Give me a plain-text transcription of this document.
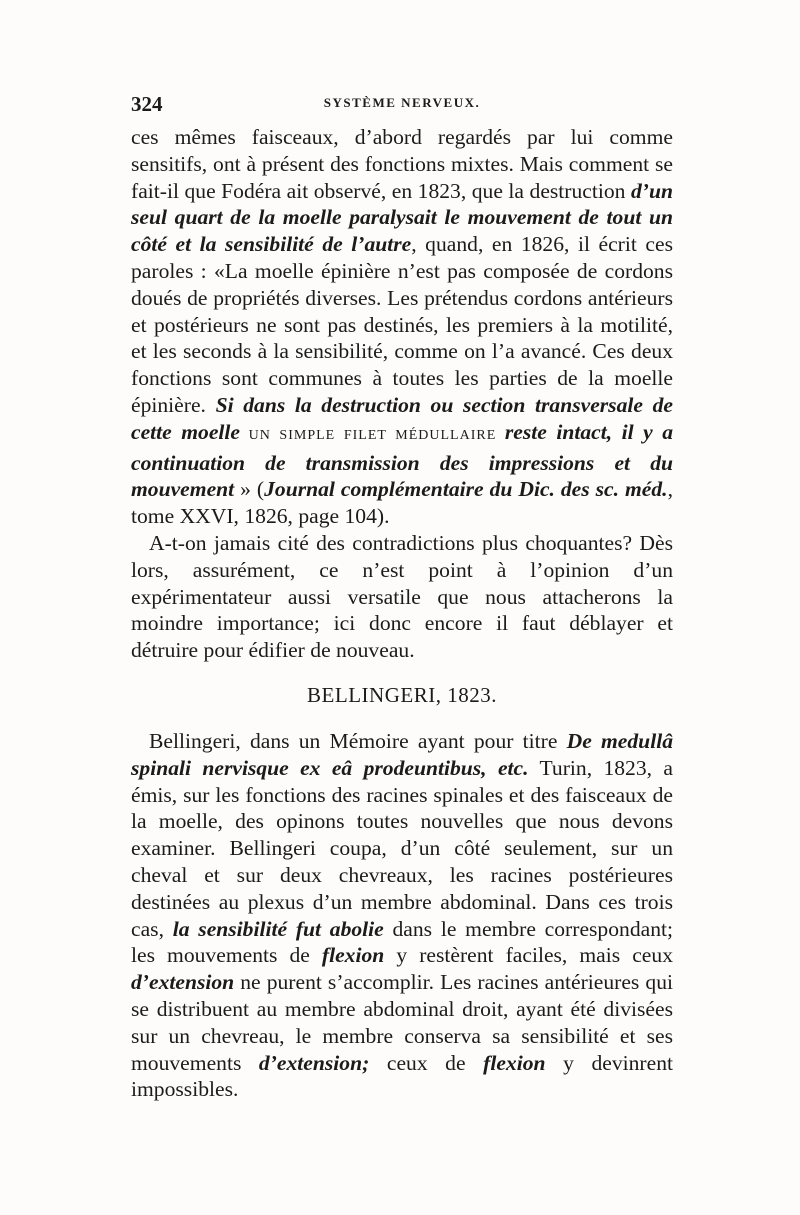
324	SYSTÈME NERVEUX.

ces mêmes faisceaux, d’abord regardés par lui comme sensitifs, ont à présent des fonctions mixtes. Mais comment se fait-il que Fodéra ait observé, en 1823, que la destruction d’un seul quart de la moelle paralysait le mouvement de tout un côté et la sensibilité de l’autre, quand, en 1826, il écrit ces paroles : «La moelle épinière n’est pas composée de cordons doués de propriétés diverses. Les prétendus cordons antérieurs et postérieurs ne sont pas destinés, les premiers à la motilité, et les seconds à la sensibilité, comme on l’a avancé. Ces deux fonctions sont communes à toutes les parties de la moelle épinière. Si dans la destruction ou section transversale de cette moelle UN SIMPLE FILET MÉDULLAIRE reste intact, il y a continuation de transmission des impressions et du mouvement » (Journal complémentaire du Dic. des sc. méd., tome XXVI, 1826, page 104).

A-t-on jamais cité des contradictions plus choquantes? Dès lors, assurément, ce n’est point à l’opinion d’un expérimentateur aussi versatile que nous attacherons la moindre importance; ici donc encore il faut déblayer et détruire pour édifier de nouveau.

BELLINGERI, 1823.

Bellingeri, dans un Mémoire ayant pour titre De medullâ spinali nervisque ex eâ prodeuntibus, etc. Turin, 1823, a émis, sur les fonctions des racines spinales et des faisceaux de la moelle, des opinons toutes nouvelles que nous devons examiner. Bellingeri coupa, d’un côté seulement, sur un cheval et sur deux chevreaux, les racines postérieures destinées au plexus d’un membre abdominal. Dans ces trois cas, la sensibilité fut abolie dans le membre correspondant; les mouvements de flexion y restèrent faciles, mais ceux d’extension ne purent s’accomplir. Les racines antérieures qui se distribuent au membre abdominal droit, ayant été divisées sur un chevreau, le membre conserva sa sensibilité et ses mouvements d’extension; ceux de flexion y devinrent impossibles.
